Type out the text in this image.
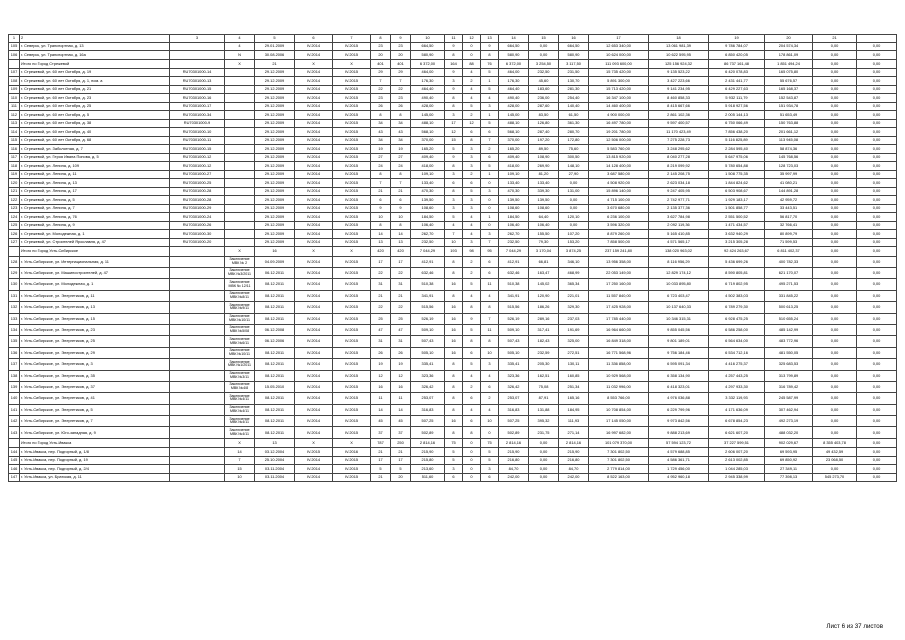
1	2	3	4	5	6	7	8	9	10	11	12	13	14	15	16	17	18	19	20	21	
105	г. Северск, ул. Транспортная, д. 13		4	29.01.2009	IV.2014	IV.2015	23	23	664,50	9	0	9	664,50	0,00	664,50	12 653 340,00	13 061 981,39	9 786 784,07	204 574,34	0,00	0,00
106	г. Северск, ул. Транспортная, д. 16а		N	30.08.2006	IV.2014	IV.2015	20	20	580,90	8	0	8	580,90	0,00	580,90	10 624 000,00	10 622 595,95	6 850 420,05	178 861,09	0,00	0,00
	Итого по Город Стрежевой		X	21	X	X	401	401	6 372,00	164	88	76	6 372,00	3 254,50	3 117,50	111 093 600,00	125 156 924,32	86 737 161,48	1 851 494,24	0,00	0,00
107	г. Стрежевой, ул. 60 лет Октября, д. 19	RU70301000-14		29.12.2009	IV.2014	IV.2015	29	29	464,00	9	4	5	464,00	232,50	231,50	15 735 420,00	9 135 523,22	6 420 078,83	165 075,80	0,00	0,00
108	г. Стрежевой, ул. 60 лет Октября, д. 1, пом. а	RU70301000-13		29.12.2009	IV.2014	IV.2015	7	7	176,30	3	2	1	176,30	45,60	130,70	5 891 300,00	3 427 223,66	2 431 441,77	55 676,57	0,00	0,00
109	г. Стрежевой, ул. 60 лет Октября, д. 21	RU70301000-15		29.12.2009	IV.2014	IV.2015	22	22	464,40	9	4	5	464,40	183,60	281,30	15 713 420,00	9 141 234,95	6 429 227,63	165 168,37	0,00	0,00
110	г. Стрежевой, ул. 60 лет Октября, д. 23	RU70301000-16		29.12.2009	IV.2014	IV.2015	23	23	490,40	8	4	4	490,40	236,00	254,40	16 347 100,00	8 460 858,33	5 932 111,79	152 543,87	0,00	0,00
111	г. Стрежевой, ул. 60 лет Октября, д. 25	RU70301000-17		29.12.2009	IV.2014	IV.2015	26	26	428,00	8	5	3	428,00	287,60	140,40	14 460 400,00	8 415 667,66	5 918 927,56	151 934,78	0,00	0,00
112	г. Стрежевой, ул. 60 лет Октября, д. 5	RU70301000-34		29.12.2009	IV.2014	IV.2015	8	8	145,00	3	2	1	145,00	83,50	61,50	4 900 000,00	2 861 102,36	2 005 144,13	51 653,49	0,00	0,00
113	г. Стрежевой, ул. 60 лет Октября, д. 38	RU70301000-9		29.12.2009	IV.2014	IV.2015	34	34	488,10	17	12	5	488,10	126,80	361,30	16 497 780,00	9 597 400,57	6 750 066,49	150 763,88	0,00	0,00
114	г. Стрежевой, ул. 60 лет Октября, д. 40	RU70301000-10		29.12.2009	IV.2014	IV.2015	43	43	568,10	12	6	6	568,10	287,40	280,70	19 201 780,00	11 170 423,49	7 856 438,20	201 661,12	0,00	0,00
115	г. Стрежевой, ул. 60 лет Октября, д. 68	RU70301000-11		29.12.2009	IV.2014	IV.2015	34	34	370,00	15	8	7	370,00	197,20	172,80	12 506 000,00	7 275 228,73	5 116 825,89	113 945,08	0,00	0,00
116	г. Стрежевой, ул. Заболотная, д. 7	RU70301000-15		29.12.2009	IV.2014	IV.2015	19	19	165,20	5	3	2	165,20	89,50	75,60	5 583 760,00	3 248 295,62	2 284 595,40	58 874,36	0,00	0,00
117	г. Стрежевой, ул. Героя Ивана Попова, д. 5	RU70301000-12		29.12.2009	IV.2014	IV.2015	27	27	409,40	9	3	6	409,40	108,90	300,50	13 815 920,00	8 040 277,28	5 647 975,06	145 768,56	0,00	0,00
118	г. Стрежевой, ул. Ленина, д. 109	RU70301000-12		29.12.2009	IV.2014	IV.2015	24	24	418,00	8	3	5	418,00	269,90	148,10	14 128 400,00	8 219 099,92	5 780 654,88	128 723,03	0,00	0,00
119	г. Стрежевой, ул. Ленина, д. 11	RU70301000-27		29.12.2009	IV.2014	IV.2015	8	8	109,10	3	2	1	109,10	81,20	27,90	3 687 580,00	2 145 208,75	1 508 775,35	35 997,99	0,00	0,00
120	г. Стрежевой, ул. Ленина, д. 13	RU70301000-25		29.12.2009	IV.2014	IV.2015	7	7	133,40	6	6	0	133,40	133,40	0,00	4 508 920,00	2 623 034,18	1 844 824,62	41 080,21	0,00	0,00
121	г. Стрежевой, ул. Ленина, д. 17	RU70301000-28		29.12.2009	IV.2014	IV.2015	21	21	470,30	8	5	3	470,30	339,30	131,00	15 896 140,00	9 247 405,95	6 503 908,67	144 891,28	0,00	0,00
122	г. Стрежевой, ул. Ленина, д. 5	RU70301000-28		29.12.2009	IV.2014	IV.2015	6	6	139,50	3	3	0	139,50	139,50	0,00	4 715 100,00	2 742 977,71	1 929 183,17	42 959,72	0,00	0,00
123	г. Стрежевой, ул. Ленина, д. 7	RU70301000-29		29.12.2009	IV.2014	IV.2015	9	9	108,60	3	3	0	108,60	108,60	0,00	3 670 680,00	2 135 377,36	1 501 858,77	33 443,51	0,00	0,00
124	г. Стрежевой, ул. Ленина, д. 76	RU70301000-24		29.12.2009	IV.2014	IV.2015	10	10	184,50	5	4	1	184,50	64,40	120,10	6 236 100,00	3 627 784,98	2 551 500,52	56 817,70	0,00	0,00
125	г. Стрежевой, ул. Ленина, д. 9	RU70301000-26		29.12.2009	IV.2014	IV.2015	8	8	106,40	4	4	0	106,40	106,40	0,00	3 596 320,00	2 092 119,36	1 471 434,57	32 766,41	0,00	0,00
126	г. Стрежевой, ул. Молодежная, д. 1	RU70301000-30		29.12.2009	IV.2014	IV.2015	14	14	262,70	7	4	3	262,70	155,50	107,20	8 879 260,00	5 165 410,85	3 632 940,29	80 899,79	0,00	0,00
127	г. Стрежевой, ул. Строителей Ярославля, д. 47	RU70301000-20		29.12.2009	IV.2014	IV.2015	13	13	232,50	10	3	7	232,50	79,30	153,20	7 858 500,00	4 571 565,17	3 215 305,28	71 599,53	0,00	0,00
	Итого по Город Усть-Сибирское		X	16	X	X	420	420	7 044,29	193	98	95	7 044,29	3 170,04	3 874,25	237 159 241,80	138 020 963,02	92 424 263,67	6 811 402,37	0,00	0,00
128	г. Усть-Сибирское, ул. Интернациональная, д. 11		Заключение МВК № 2	04.09.2009	IV.2014	IV.2015	17	17	412,91	8	2	6	412,91	66,81	346,10	13 956 358,00	8 116 956,29	5 436 699,26	400 782,33	0,00	0,00
129	г. Усть-Сибирское, ул. Машиностроителей, д. 47		Заключение МВК №3/2011	06.12.2011	IV.2014	IV.2015	22	22	632,46	8	2	6	632,46	163,47	468,99	22 053 149,00	12 829 174,12	8 590 805,81	621 170,07	0,00	0,00
130	г. Усть-Сибирское, ул. Молодежная, д. 1		Заключение МВК № 12/11	08.12.2011	IV.2014	IV.2015	31	31	510,38	16	5	11	510,38	145,02	365,34	17 250 160,00	10 033 895,80	6 719 802,95	495 271,53	0,00	0,00
131	г. Усть-Сибирское, ул. Энергетиков, д. 11		Заключение МВК №8/11	08.12.2011	IV.2014	IV.2015	21	21	341,91	8	4	4	341,91	120,90	221,01	11 557 840,00	6 723 403,47	4 502 383,03	331 845,22	0,00	0,00
132	г. Усть-Сибирское, ул. Энергетиков, д. 13		Заключение МВК №9/11	08.12.2011	IV.2014	IV.2015	22	22	515,56	16	8	8	515,56	186,26	329,30	17 425 928,00	10 137 640,33	6 789 279,30	500 613,25	0,00	0,00
133	г. Усть-Сибирское, ул. Энергетиков, д. 15		Заключение МВК №10/11	08.12.2011	IV.2014	IV.2015	25	25	526,19	16	9	7	526,19	289,16	237,03	17 785 440,00	10 346 315,31	6 928 475,25	510 655,24	0,00	0,00
134	г. Усть-Сибирское, ул. Энергетиков, д. 23		Заключение МВК №5/08	06.12.2008	IV.2014	IV.2015	47	47	509,10	16	5	11	509,10	317,41	191,69	16 964 660,00	9 855 045,56	6 586 258,00	485 142,99	0,00	0,00
135	г. Усть-Сибирское, ул. Энергетиков, д. 25		Заключение МВК №6/11	06.12.2006	IV.2014	IV.2015	31	31	507,43	16	8	8	507,43	182,43	325,00	16 849 318,00	9 801 189,01	6 564 634,00	483 772,96	0,00	0,00
136	г. Усть-Сибирское, ул. Энергетиков, д. 29		Заключение МВК №10/11	08.12.2011	IV.2014	IV.2015	26	26	505,10	16	6	10	505,10	232,59	272,51	16 771 568,96	9 756 184,46	6 534 712,16	481 550,05	0,00	0,00
137	г. Усть-Сибирское, ул. Энергетиков, д. 3		Заключение МВК №1/2011	08.12.2011	IV.2014	IV.2015	19	19	335,41	8	5	3	335,41	205,30	130,11	11 336 858,00	6 595 091,34	4 416 275,37	325 683,53	0,00	0,00
138	г. Усть-Сибирское, ул. Энергетиков, д. 35		Заключение МВК №3/11	08.12.2011	IV.2014	IV.2015	12	12	323,36	8	4	4	323,36	162,51	160,85	10 929 568,00	6 358 134,90	4 257 443,25	313 799,89	0,00	0,00
139	г. Усть-Сибирское, ул. Энергетиков, д. 37		Заключение МВК №4/8	15.05.2010	IV.2014	IV.2015	16	16	326,42	8	2	6	326,42	75,08	251,34	11 032 996,00	6 418 323,01	4 297 933,30	316 789,42	0,00	0,00
140	г. Усть-Сибирское, ул. Энергетиков, д. 41		Заключение МВК №4/11	08.12.2011	IV.2014	IV.2015	11	11	253,07	8	6	2	253,07	87,91	165,16	8 553 766,00	4 976 036,88	3 332 119,93	245 587,99	0,00	0,00
141	г. Усть-Сибирское, ул. Энергетиков, д. 5		Заключение МВК №4/11	08.12.2011	IV.2014	IV.2015	14	14	316,83	8	4	4	316,83	131,88	184,95	10 708 854,00	6 229 799,96	4 171 636,09	307 462,94	0,00	0,00
142	г. Усть-Сибирское, ул. Энергетиков, д. 7		Заключение МВК №4/11	08.12.2011	IV.2014	IV.2015	45	45	507,25	16	6	10	507,25	395,32	111,93	17 145 050,00	9 973 842,56	6 678 854,23	492 273,19	0,00	0,00
143	г. Усть-Сибирское, ул. Юго-западная, д. 9		Заключение МВК №4/11	08.12.2011	IV.2014	IV.2015	37	37	502,89	8	8	0	502,89	231,75	271,14	16 997 682,00	9 888 213,69	6 621 607,20	488 032,20	0,00	0,00
	Итого по Город Усть-Ивакса		X	13	X	X	787	250	2 814,16	75	0	75	2 814,16	0,00	2 814,16	101 079 370,00	57 594 123,72	37 227 599,51	902 029,67	8 355 403,78	0,00
144	г. Усть-Ивакса, пер. Подгорный, д. 1/8		14	03.12.2004	IV.2015	IV.2016	21	21	215,90	5	0	5	215,90	0,00	215,90	7 301 802,50	4 579 688,85	2 606 007,20	69 593,95	49 432,59	0,00
145	г. Усть-Ивакса, пер. Подгорный, д. 19		7	25.10.2004	IV.2014	IV.2015	17	17	215,80	5	0	5	216,80	0,00	216,80	7 301 802,50	4 586 361,71	2 613 002,85	69 850,92	23 068,50	0,00
146	г. Усть-Ивакса, пер. Подгорный, д. 2/4		15	03.11.2004	IV.2014	IV.2015	5	5	213,60	3	0	3	84,70	0,00	84,70	2 779 814,00	1 729 456,00	1 044 285,03	27 349,11	0,00	0,00
147	г. Усть-Ивакса, ул. Братская, д. 11		10	03.11.2004	IV.2014	IV.2015	21	20	511,60	6	0	6	242,00	0,00	242,00	8 522 163,00	4 952 960,18	2 945 338,99	77 398,13	545 273,70	0,00
Лист 6 из 37 листов
